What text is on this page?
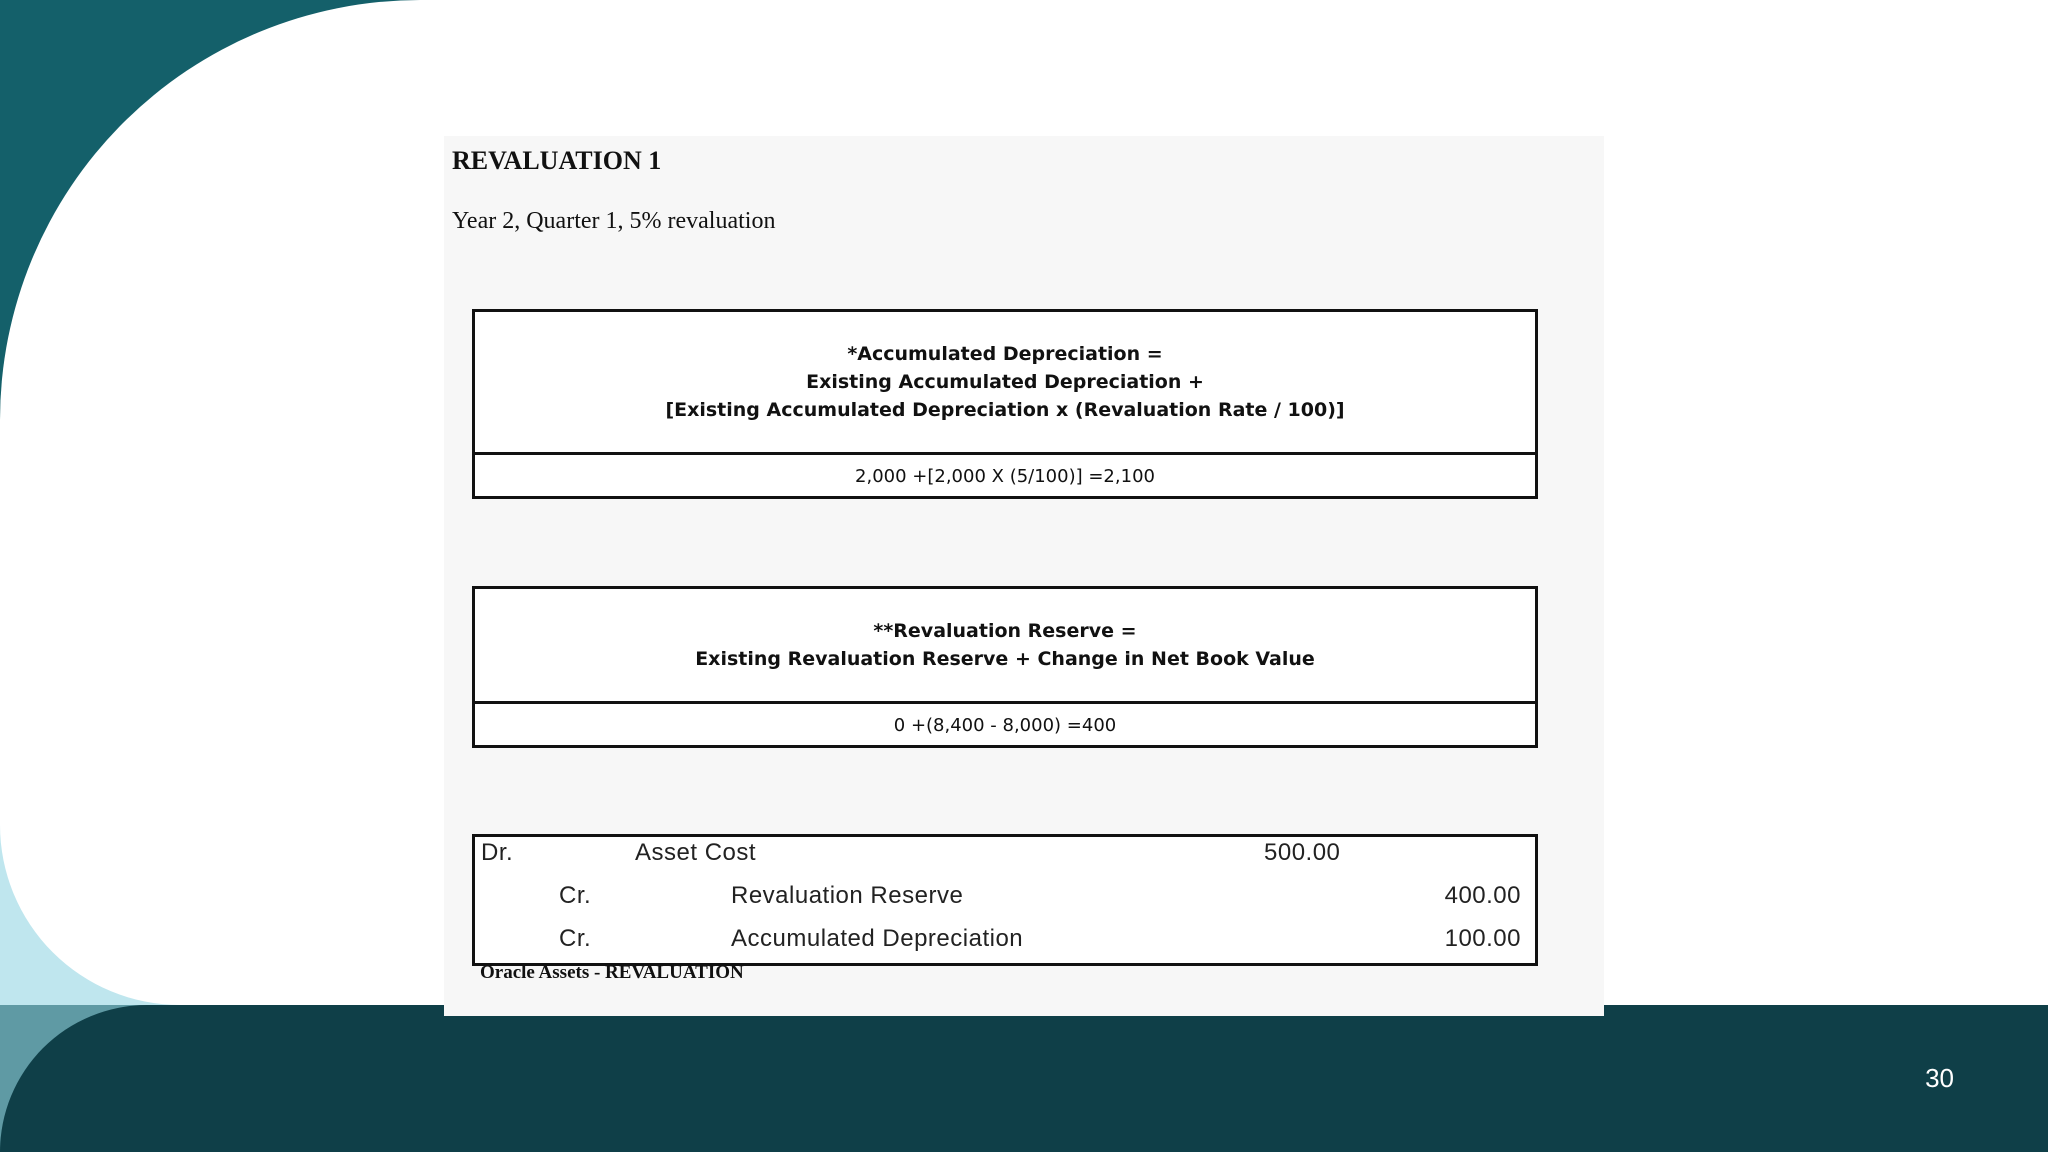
30
REVALUATION 1
Year 2, Quarter 1, 5% revaluation
*Accumulated Depreciation =
Existing Accumulated Depreciation +
[Existing Accumulated Depreciation x (Revaluation Rate / 100)]
2,000 +[2,000 X (5/100)] =2,100
**Revaluation Reserve =
Existing Revaluation Reserve + Change in Net Book Value
0 +(8,400 - 8,000) =400
Dr.	Asset Cost	500.00
Cr.	Revaluation Reserve	400.00
Cr.	Accumulated Depreciation	100.00
Oracle Assets - REVALUATION
